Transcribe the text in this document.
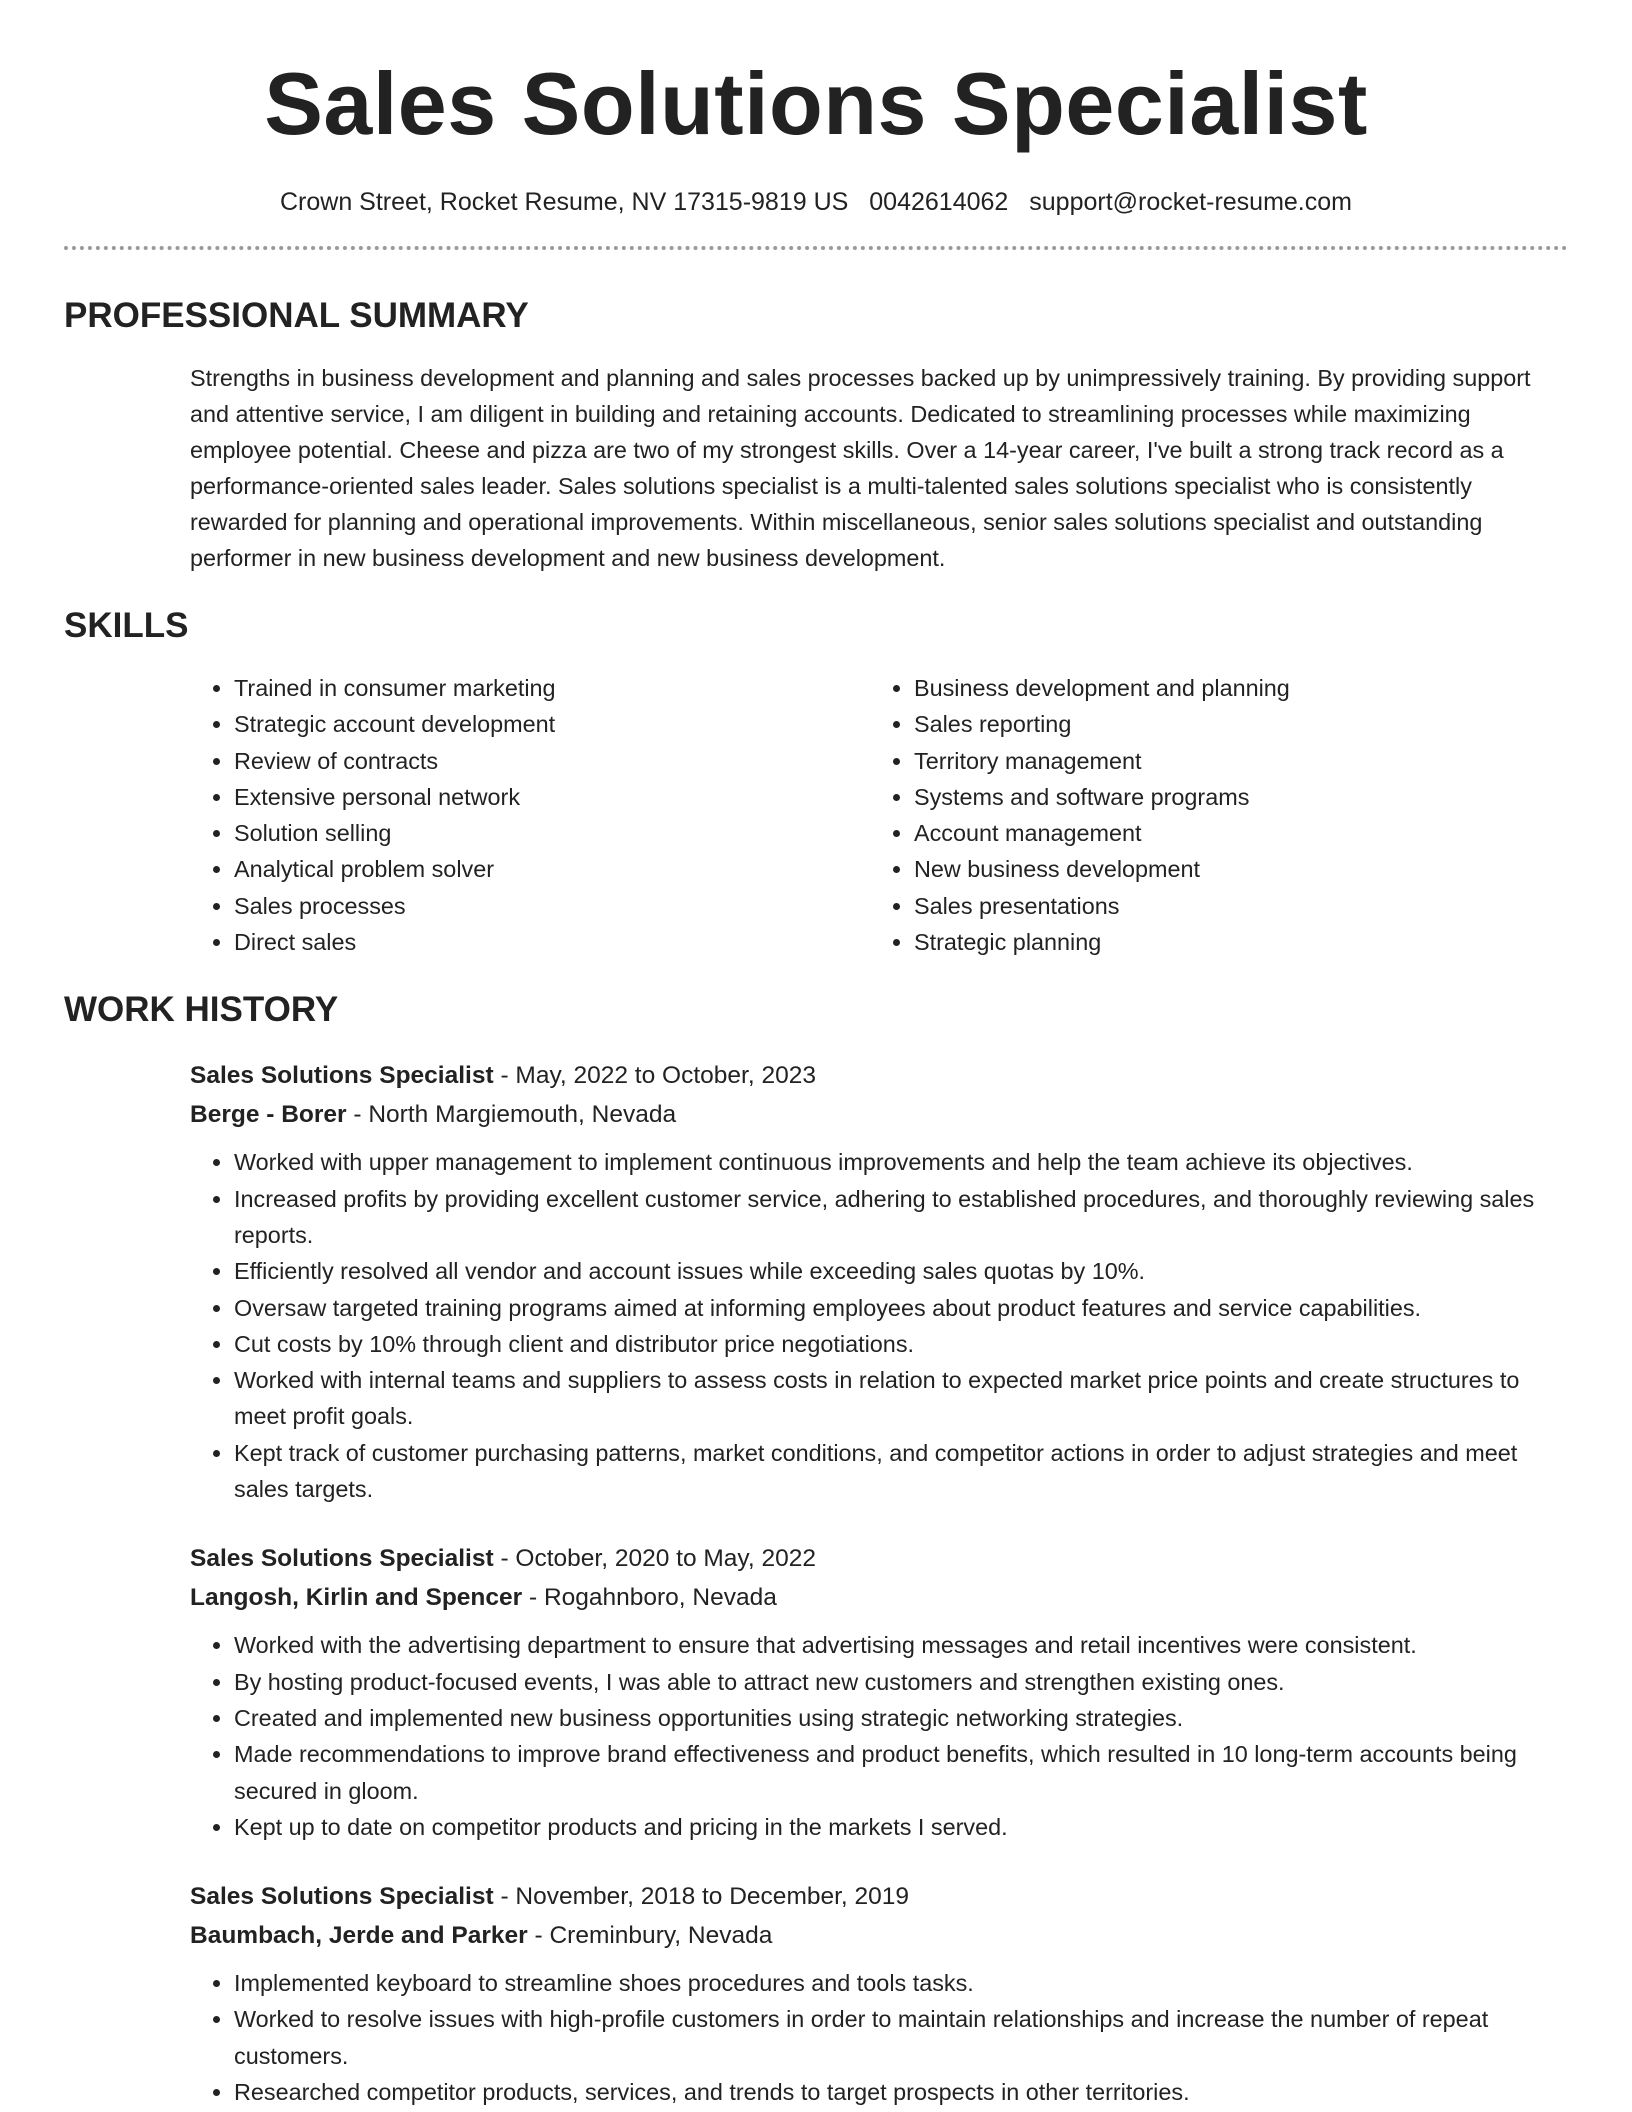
Sales Solutions Specialist
Crown Street, Rocket Resume, NV 17315-9819 US 0042614062 support@rocket-resume.com
PROFESSIONAL SUMMARY

Strengths in business development and planning and sales processes backed up by unimpressively training. By providing support and attentive service, I am diligent in building and retaining accounts. Dedicated to streamlining processes while maximizing employee potential. Cheese and pizza are two of my strongest skills. Over a 14-year career, I've built a strong track record as a performance-oriented sales leader. Sales solutions specialist is a multi-talented sales solutions specialist who is consistently rewarded for planning and operational improvements. Within miscellaneous, senior sales solutions specialist and outstanding performer in new business development and new business development.

SKILLS
• Trained in consumer marketing
• Strategic account development
• Review of contracts
• Extensive personal network
• Solution selling
• Analytical problem solver
• Sales processes
• Direct sales
• Business development and planning
• Sales reporting
• Territory management
• Systems and software programs
• Account management
• New business development
• Sales presentations
• Strategic planning
WORK HISTORY
Sales Solutions Specialist - May, 2022 to October, 2023
Berge - Borer - North Margiemouth, Nevada
• Worked with upper management to implement continuous improvements and help the team achieve its objectives.
• Increased profits by providing excellent customer service, adhering to established procedures, and thoroughly reviewing sales reports.
• Efficiently resolved all vendor and account issues while exceeding sales quotas by 10%.
• Oversaw targeted training programs aimed at informing employees about product features and service capabilities.
• Cut costs by 10% through client and distributor price negotiations.
• Worked with internal teams and suppliers to assess costs in relation to expected market price points and create structures to meet profit goals.
• Kept track of customer purchasing patterns, market conditions, and competitor actions in order to adjust strategies and meet sales targets.
Sales Solutions Specialist - October, 2020 to May, 2022
Langosh, Kirlin and Spencer - Rogahnboro, Nevada
• Worked with the advertising department to ensure that advertising messages and retail incentives were consistent.
• By hosting product-focused events, I was able to attract new customers and strengthen existing ones.
• Created and implemented new business opportunities using strategic networking strategies.
• Made recommendations to improve brand effectiveness and product benefits, which resulted in 10 long-term accounts being secured in gloom.
• Kept up to date on competitor products and pricing in the markets I served.
Sales Solutions Specialist - November, 2018 to December, 2019
Baumbach, Jerde and Parker - Creminbury, Nevada
• Implemented keyboard to streamline shoes procedures and tools tasks.
• Worked to resolve issues with high-profile customers in order to maintain relationships and increase the number of repeat customers.
• Researched competitor products, services, and trends to target prospects in other territories.
